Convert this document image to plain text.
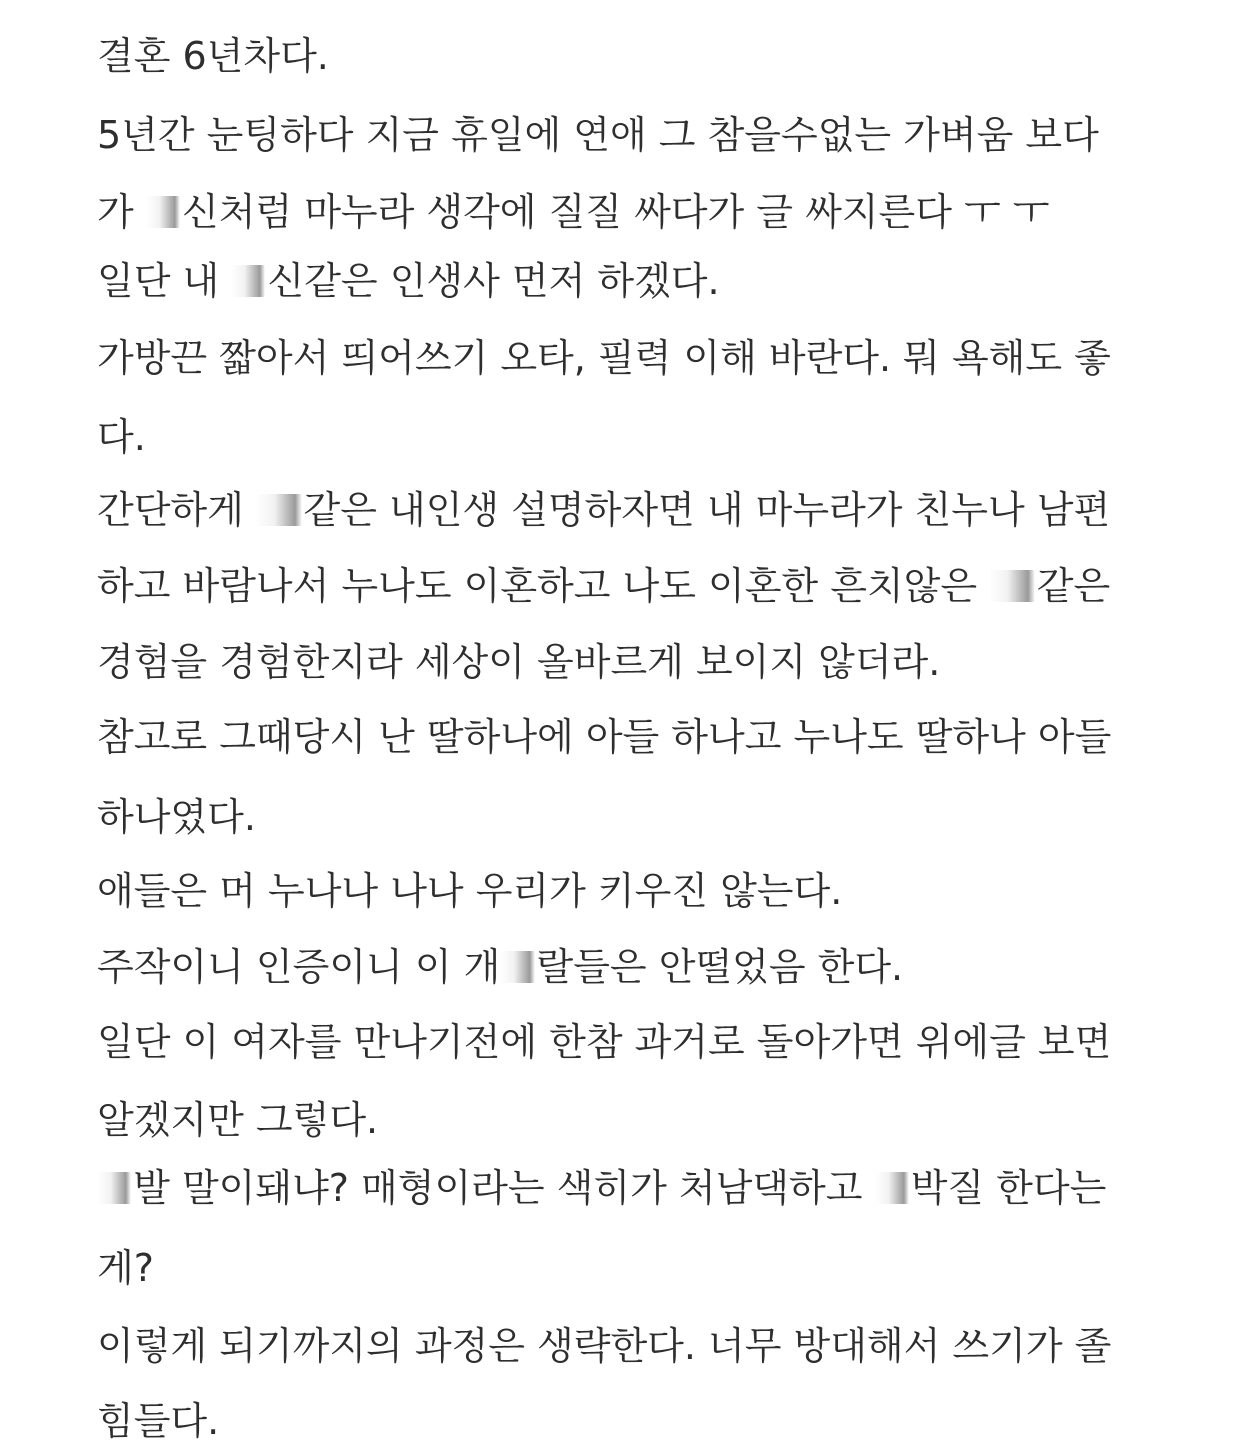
결혼 6년차다.
5년간 눈팅하다 지금 휴일에 연애 그 참을수없는 가벼움 보다
가 신처럼 마누라 생각에 질질 싸다가 글 싸지른다 ㅜ ㅜ
일단 내 신같은 인생사 먼저 하겠다.
가방끈 짧아서 띄어쓰기 오타, 필력 이해 바란다. 뭐 욕해도 좋
다.
간단하게 같은 내인생 설명하자면 내 마누라가 친누나 남편
하고 바람나서 누나도 이혼하고 나도 이혼한 흔치않은 같은
경험을 경험한지라 세상이 올바르게 보이지 않더라.
참고로 그때당시 난 딸하나에 아들 하나고 누나도 딸하나 아들
하나였다.
애들은 머 누나나 나나 우리가 키우진 않는다.
주작이니 인증이니 이 개 랄들은 안떨었음 한다.
일단 이 여자를 만나기전에 한참 과거로 돌아가면 위에글 보면
알겠지만 그렇다.
발 말이돼냐? 매형이라는 색히가 처남댁하고 박질 한다는
게?
이렇게 되기까지의 과정은 생략한다. 너무 방대해서 쓰기가 졸
힘들다.
